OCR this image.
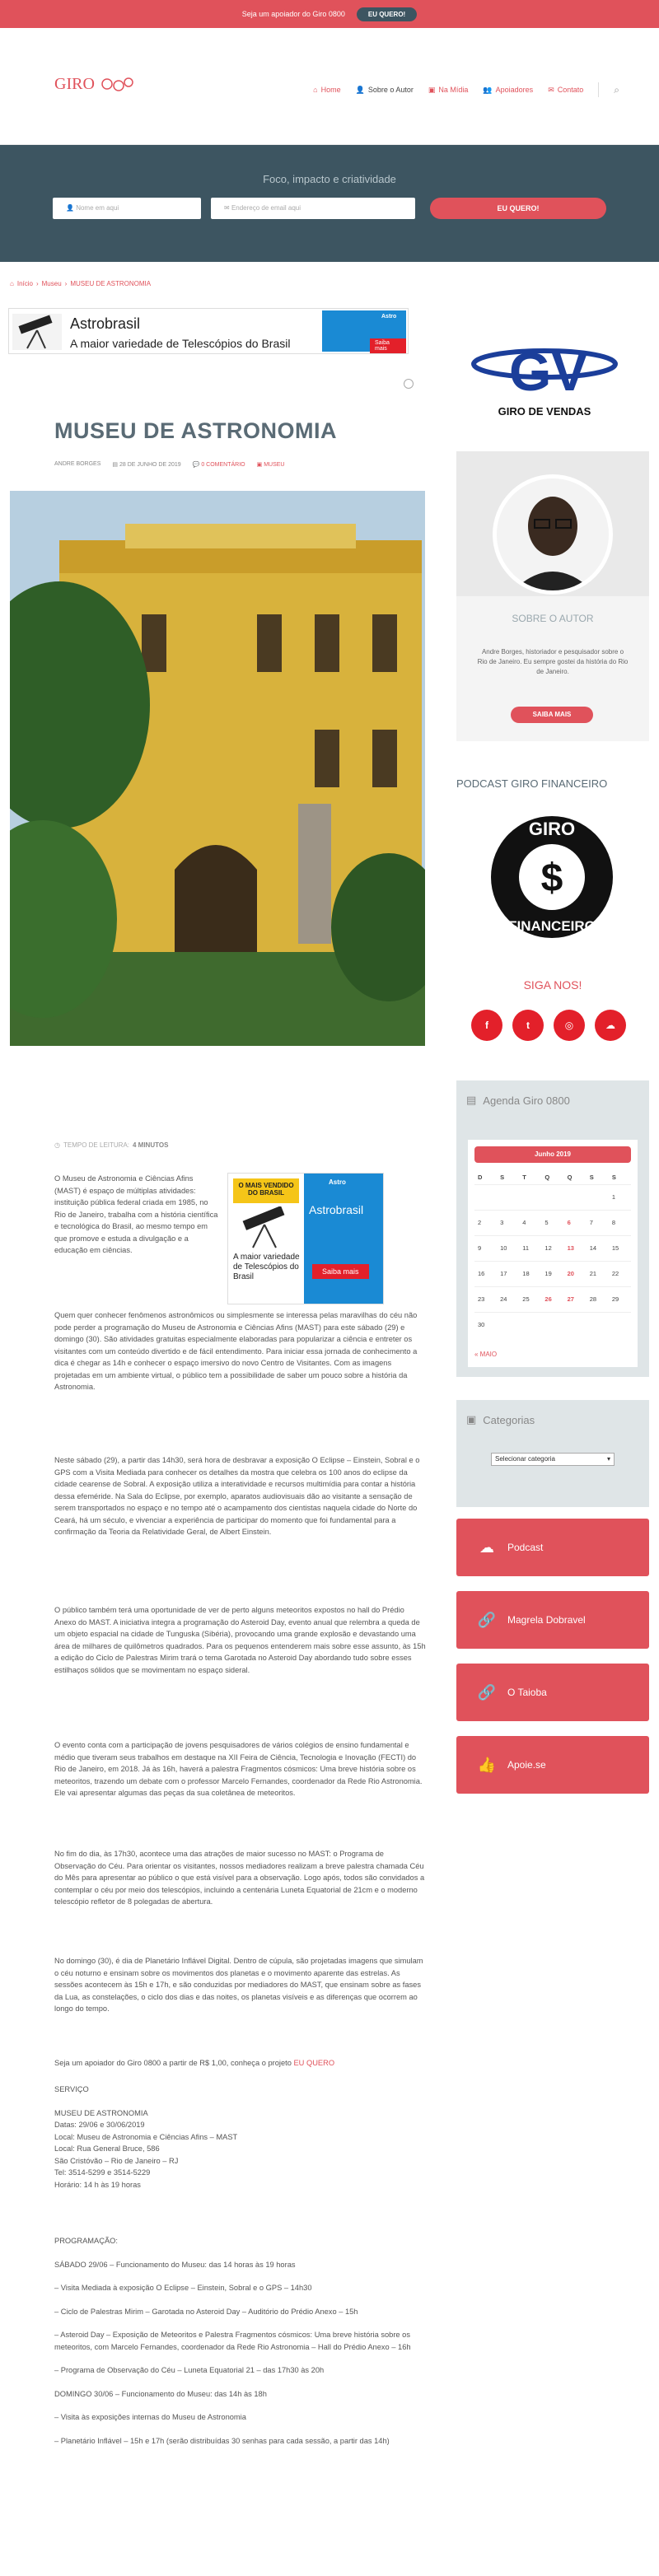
Seja um apoiador do Giro 0800	EU QUERO!
GIRO	⌂ Home 👤 Sobre o Autor ▣ Na Mídia 👥 Apoiadores ✉ Contato	⌕
Foco, impacto e criatividade
👤 Nome em aqui	✉ Endereço de email aqui	EU QUERO!
⌂ Início › Museu › MUSEU DE ASTRONOMIA
Astrobrasil
A maior variedade de Telescópios do Brasil
Astro
Saiba mais
MUSEU DE ASTRONOMIA
ANDRE BORGES ▤ 28 DE JUNHO DE 2019 💬 0 COMENTÁRIO ▣ MUSEU
◷ TEMPO DE LEITURA: 4 MINUTOS
O MAIS VENDIDO DO BRASIL
A maior variedade de Telescópios do Brasil
Astro
Astrobrasil
Saiba mais

O Museu de Astronomia e Ciências Afins (MAST) é espaço de múltiplas atividades: instituição pública federal criada em 1985, no Rio de Janeiro, trabalha com a história científica e tecnológica do Brasil, ao mesmo tempo em que promove e estuda a divulgação e a educação em ciências.

Quem quer conhecer fenômenos astronômicos ou simplesmente se interessa pelas maravilhas do céu não pode perder a programação do Museu de Astronomia e Ciências Afins (MAST) para este sábado (29) e domingo (30). São atividades gratuitas especialmente elaboradas para popularizar a ciência e entreter os visitantes com um conteúdo divertido e de fácil entendimento. Para iniciar essa jornada de conhecimento a dica é chegar as 14h e conhecer o espaço imersivo do novo Centro de Visitantes. Com as imagens projetadas em um ambiente virtual, o público tem a possibilidade de saber um pouco sobre a história da Astronomia.

Neste sábado (29), a partir das 14h30, será hora de desbravar a exposição O Eclipse – Einstein, Sobral e o GPS com a Visita Mediada para conhecer os detalhes da mostra que celebra os 100 anos do eclipse da cidade cearense de Sobral. A exposição utiliza a interatividade e recursos multimídia para contar a história dessa efeméride. Na Sala do Eclipse, por exemplo, aparatos audiovisuais dão ao visitante a sensação de serem transportados no espaço e no tempo até o acampamento dos cientistas naquela cidade do Norte do Ceará, há um século, e vivenciar a experiência de participar do momento que foi fundamental para a confirmação da Teoria da Relatividade Geral, de Albert Einstein.

O público também terá uma oportunidade de ver de perto alguns meteoritos expostos no hall do Prédio Anexo do MAST. A iniciativa integra a programação do Asteroid Day, evento anual que relembra a queda de um objeto espacial na cidade de Tunguska (Sibéria), provocando uma grande explosão e devastando uma área de milhares de quilômetros quadrados. Para os pequenos entenderem mais sobre esse assunto, às 15h a edição do Ciclo de Palestras Mirim trará o tema Garotada no Asteroid Day abordando tudo sobre esses estilhaços sólidos que se movimentam no espaço sideral.

O evento conta com a participação de jovens pesquisadores de vários colégios de ensino fundamental e médio que tiveram seus trabalhos em destaque na XII Feira de Ciência, Tecnologia e Inovação (FECTI) do Rio de Janeiro, em 2018. Já às 16h, haverá a palestra Fragmentos cósmicos: Uma breve história sobre os meteoritos, trazendo um debate com o professor Marcelo Fernandes, coordenador da Rede Rio Astronomia. Ele vai apresentar algumas das peças da sua coletânea de meteoritos.

No fim do dia, às 17h30, acontece uma das atrações de maior sucesso no MAST: o Programa de Observação do Céu. Para orientar os visitantes, nossos mediadores realizam a breve palestra chamada Céu do Mês para apresentar ao público o que está visível para a observação. Logo após, todos são convidados a contemplar o céu por meio dos telescópios, incluindo a centenária Luneta Equatorial de 21cm e o moderno telescópio refletor de 8 polegadas de abertura.

No domingo (30), é dia de Planetário Inflável Digital. Dentro de cúpula, são projetadas imagens que simulam o céu noturno e ensinam sobre os movimentos dos planetas e o movimento aparente das estrelas. As sessões acontecem às 15h e 17h, e são conduzidas por mediadores do MAST, que ensinam sobre as fases da Lua, as constelações, o ciclo dos dias e das noites, os planetas visíveis e as diferenças que ocorrem ao longo do tempo.

Seja um apoiador do Giro 0800 a partir de R$ 1,00, conheça o projeto EU QUERO

SERVIÇO
MUSEU DE ASTRONOMIA
Datas: 29/06 e 30/06/2019
Local: Museu de Astronomia e Ciências Afins – MAST
Local: Rua General Bruce, 586
São Cristóvão – Rio de Janeiro – RJ
Tel: 3514-5299 e 3514-5229
Horário: 14 h às 19 horas
PROGRAMAÇÃO:
SÁBADO 29/06 – Funcionamento do Museu: das 14 horas às 19 horas
– Visita Mediada à exposição O Eclipse – Einstein, Sobral e o GPS – 14h30
– Ciclo de Palestras Mirim – Garotada no Asteroid Day – Auditório do Prédio Anexo – 15h
– Asteroid Day – Exposição de Meteoritos e Palestra Fragmentos cósmicos: Uma breve história sobre os meteoritos, com Marcelo Fernandes, coordenador da Rede Rio Astronomia – Hall do Prédio Anexo – 16h
– Programa de Observação do Céu – Luneta Equatorial 21 – das 17h30 às 20h
DOMINGO 30/06 – Funcionamento do Museu: das 14h às 18h
– Visita às exposições internas do Museu de Astronomia
– Planetário Inflável – 15h e 17h (serão distribuídas 30 senhas para cada sessão, a partir das 14h)
GV
GIRO DE VENDAS
SOBRE O AUTOR
Andre Borges, historiador e pesquisador sobre o Rio de Janeiro. Eu sempre gostei da história do Rio de Janeiro.
SAIBA MAIS
PODCAST GIRO FINANCEIRO
$
GIRO
FINANCEIRO
SIGA NOS!
f	t	◎	☁
▤ Agenda Giro 0800
Junho 2019
D	S	T	Q	Q	S	S
						1
2	3	4	5	6	7	8
9	10	11	12	13	14	15
16	17	18	19	20	21	22
23	24	25	26	27	28	29
30						
« MAIO
▣ Categorias
Selecionar categoria	▾
☁	Podcast
🔗 Magrela Dobravel
🔗 O Taioba
👍 Apoie.se
